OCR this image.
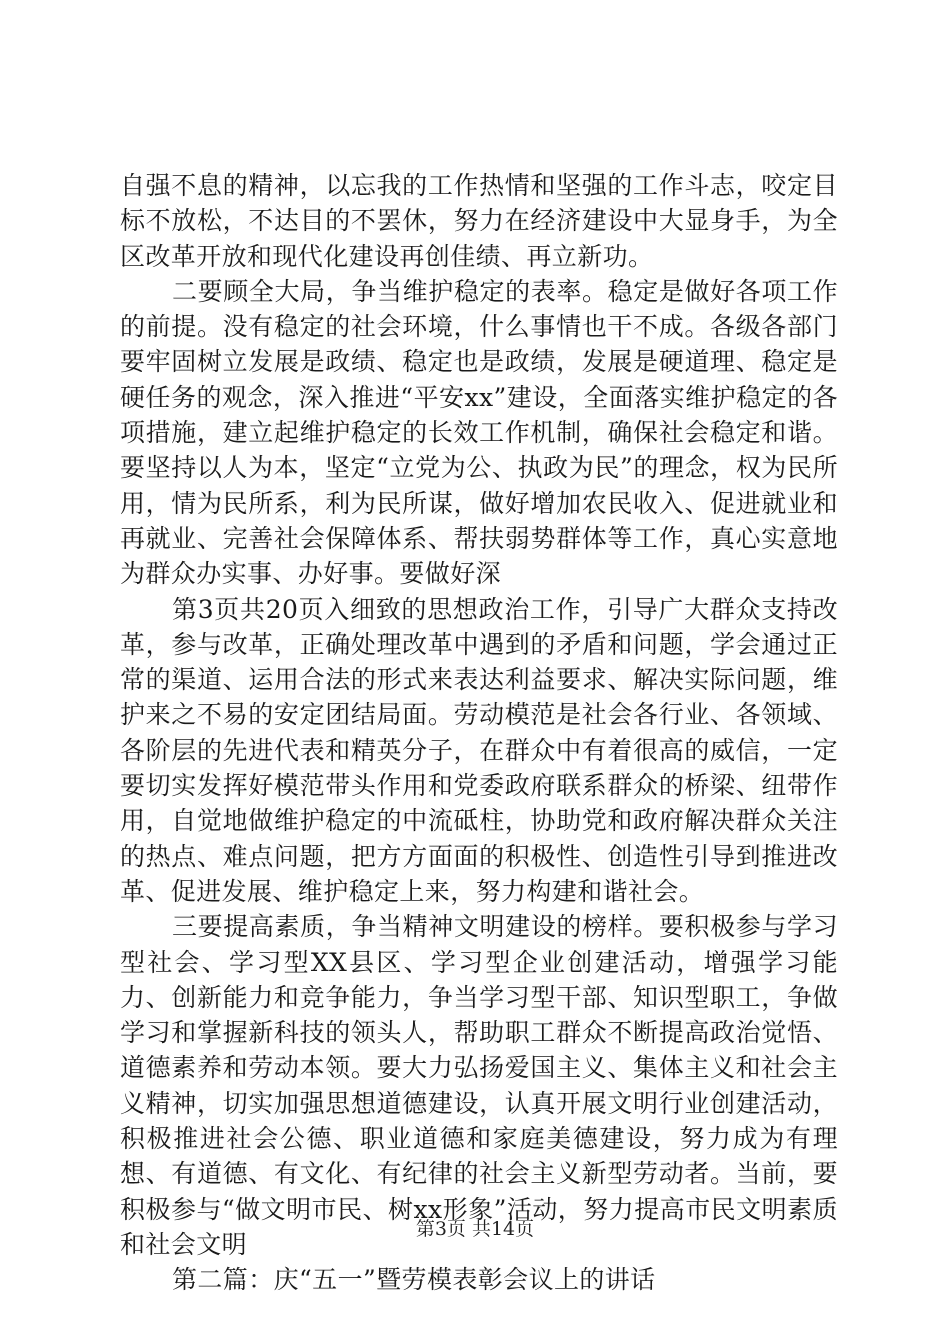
自强不息的精神，以忘我的工作热情和坚强的工作斗志，咬定目标不放松，不达目的不罢休，努力在经济建设中大显身手，为全区改革开放和现代化建设再创佳绩、再立新功。

二要顾全大局，争当维护稳定的表率。稳定是做好各项工作的前提。没有稳定的社会环境，什么事情也干不成。各级各部门要牢固树立发展是政绩、稳定也是政绩，发展是硬道理、稳定是硬任务的观念，深入推进“平安xx”建设，全面落实维护稳定的各项措施，建立起维护稳定的长效工作机制，确保社会稳定和谐。要坚持以人为本，坚定“立党为公、执政为民”的理念，权为民所用，情为民所系，利为民所谋，做好增加农民收入、促进就业和再就业、完善社会保障体系、帮扶弱势群体等工作，真心实意地为群众办实事、办好事。要做好深

第3页共20页入细致的思想政治工作，引导广大群众支持改革，参与改革，正确处理改革中遇到的矛盾和问题，学会通过正常的渠道、运用合法的形式来表达利益要求、解决实际问题，维护来之不易的安定团结局面。劳动模范是社会各行业、各领域、各阶层的先进代表和精英分子，在群众中有着很高的威信，一定要切实发挥好模范带头作用和党委政府联系群众的桥梁、纽带作用，自觉地做维护稳定的中流砥柱，协助党和政府解决群众关注的热点、难点问题，把方方面面的积极性、创造性引导到推进改革、促进发展、维护稳定上来，努力构建和谐社会。

三要提高素质，争当精神文明建设的榜样。要积极参与学习型社会、学习型XX县区、学习型企业创建活动，增强学习能力、创新能力和竞争能力，争当学习型干部、知识型职工，争做学习和掌握新科技的领头人，帮助职工群众不断提高政治觉悟、道德素养和劳动本领。要大力弘扬爱国主义、集体主义和社会主义精神，切实加强思想道德建设，认真开展文明行业创建活动，积极推进社会公德、职业道德和家庭美德建设，努力成为有理想、有道德、有文化、有纪律的社会主义新型劳动者。当前，要积极参与“做文明市民、树xx形象”活动，努力提高市民文明素质和社会文明

第二篇：庆“五一”暨劳模表彰会议上的讲话

第3页 共14页
